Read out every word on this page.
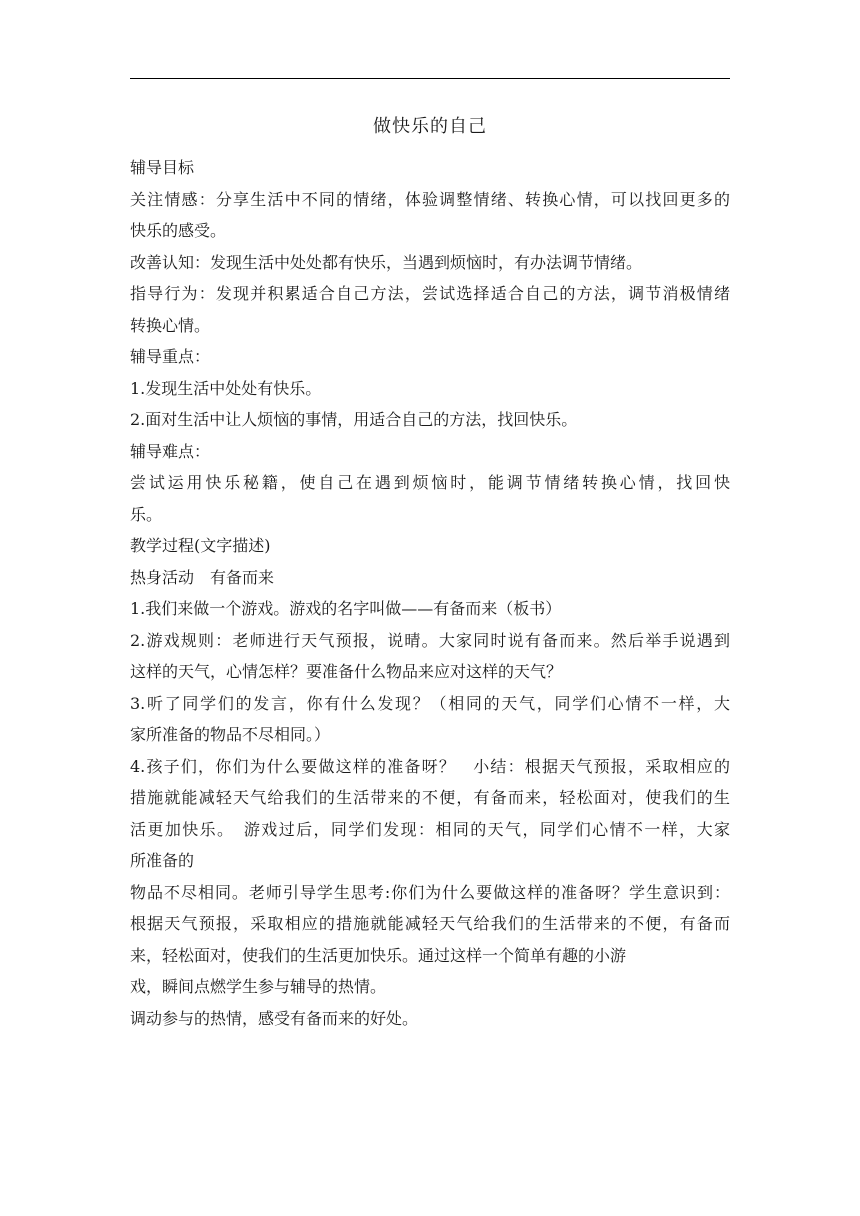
做快乐的自己
辅导目标
关注情感：分享生活中不同的情绪，体验调整情绪、转换心情，可以找回更多的
快乐的感受。
改善认知：发现生活中处处都有快乐，当遇到烦恼时，有办法调节情绪。
指导行为：发现并积累适合自己方法，尝试选择适合自己的方法，调节消极情绪
转换心情。
辅导重点：
1.发现生活中处处有快乐。
2.面对生活中让人烦恼的事情，用适合自己的方法，找回快乐。
辅导难点：
尝试运用快乐秘籍，使自己在遇到烦恼时，能调节情绪转换心情，找回快
乐。
教学过程(文字描述)
热身活动　有备而来
1.我们来做一个游戏。游戏的名字叫做——有备而来（板书）
2.游戏规则：老师进行天气预报，说晴。大家同时说有备而来。然后举手说遇到
这样的天气，心情怎样？要准备什么物品来应对这样的天气？
3.听了同学们的发言，你有什么发现？（相同的天气，同学们心情不一样，大
家所准备的物品不尽相同。）
4.孩子们，你们为什么要做这样的准备呀？　小结：根据天气预报，采取相应的
措施就能减轻天气给我们的生活带来的不便，有备而来，轻松面对，使我们的生
活更加快乐。　游戏过后，同学们发现：相同的天气，同学们心情不一样，大家
所准备的
物品不尽相同。老师引导学生思考:你们为什么要做这样的准备呀？学生意识到：
根据天气预报，采取相应的措施就能减轻天气给我们的生活带来的不便，有备而
来，轻松面对，使我们的生活更加快乐。通过这样一个简单有趣的小游
戏，瞬间点燃学生参与辅导的热情。
调动参与的热情，感受有备而来的好处。
